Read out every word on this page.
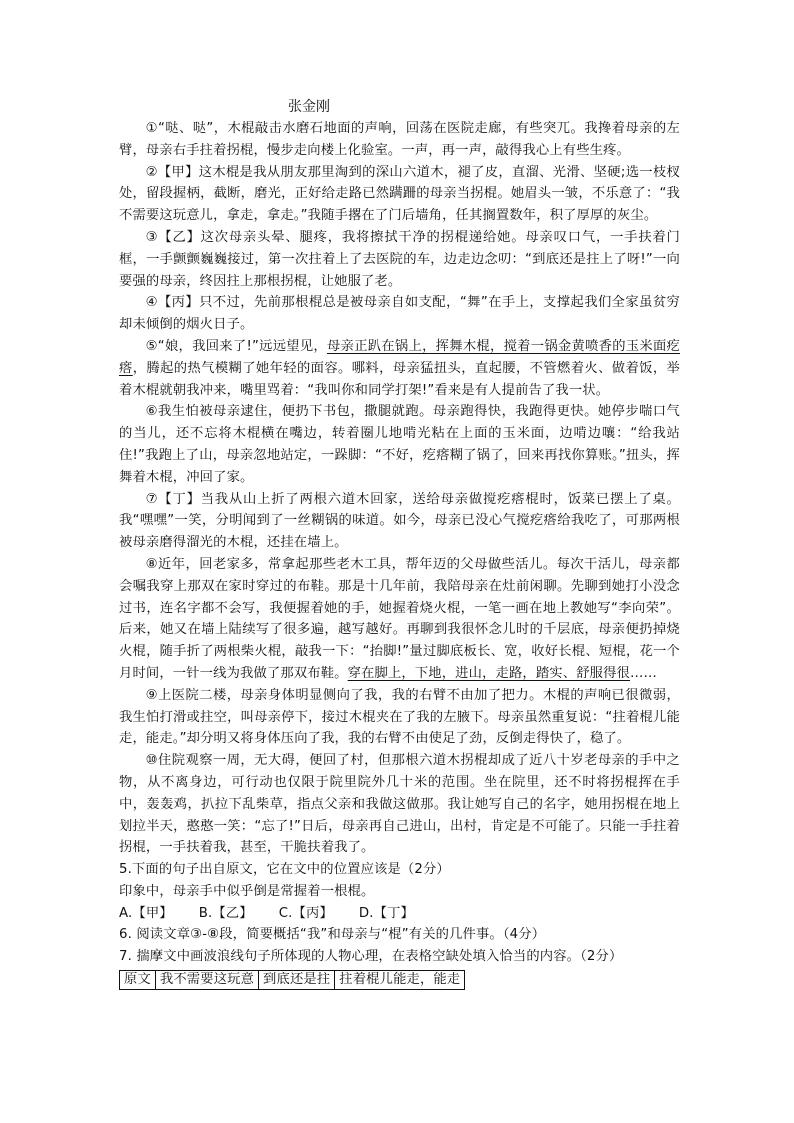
张金刚

①“哒、哒”，木棍敲击水磨石地面的声响，回荡在医院走廊，有些突兀。我搀着母亲的左臂，母亲右手拄着拐棍，慢步走向楼上化验室。一声，再一声，敲得我心上有些生疼。

②【甲】这木棍是我从朋友那里淘到的深山六道木，褪了皮，直溜、光滑、坚硬;选一枝杈处，留段握柄，截断，磨光，正好给走路已然蹒跚的母亲当拐棍。她眉头一皱，不乐意了：“我不需要这玩意儿，拿走，拿走。”我随手撂在了门后墙角，任其搁置数年，积了厚厚的灰尘。

③【乙】这次母亲头晕、腿疼，我将擦拭干净的拐棍递给她。母亲叹口气，一手扶着门框，一手颤颤巍巍接过，第一次拄着上了去医院的车，边走边念叨：“到底还是拄上了呀!”一向要强的母亲，终因拄上那根拐棍，让她服了老。

④【丙】只不过，先前那根棍总是被母亲自如支配，“舞”在手上，支撑起我们全家虽贫穷却未倾倒的烟火日子。

⑤“娘，我回来了!”远远望见，母亲正趴在锅上，挥舞木棍，搅着一锅金黄喷香的玉米面疙瘩，腾起的热气模糊了她年轻的面容。哪料，母亲猛扭头，直起腰，不管燃着火、做着饭，举着木棍就朝我冲来，嘴里骂着：“我叫你和同学打架!”看来是有人提前告了我一状。

⑥我生怕被母亲逮住，便扔下书包，撒腿就跑。母亲跑得快，我跑得更快。她停步喘口气的当儿，还不忘将木棍横在嘴边，转着圈儿地啃光粘在上面的玉米面，边啃边嚷：“给我站住!”我跑上了山，母亲忽地站定，一跺脚：“不好，疙瘩糊了锅了，回来再找你算账。”扭头，挥舞着木棍，冲回了家。

⑦【丁】当我从山上折了两根六道木回家，送给母亲做搅疙瘩棍时，饭菜已摆上了桌。我“嘿嘿”一笑，分明闻到了一丝糊锅的味道。如今，母亲已没心气搅疙瘩给我吃了，可那两根被母亲磨得溜光的木棍，还挂在墙上。

⑧近年，回老家多，常拿起那些老木工具，帮年迈的父母做些活儿。每次干活儿，母亲都会嘱我穿上那双在家时穿过的布鞋。那是十几年前，我陪母亲在灶前闲聊。先聊到她打小没念过书，连名字都不会写，我便握着她的手，她握着烧火棍，一笔一画在地上教她写“李向荣”。后来，她又在墙上陆续写了很多遍，越写越好。再聊到我很怀念儿时的千层底，母亲便扔掉烧火棍，随手折了两根柴火棍，敲我一下：“抬脚!”量过脚底板长、宽，收好长棍、短棍，花一个月时间，一针一线为我做了那双布鞋。穿在脚上，下地，进山，走路，踏实、舒服得很……

⑨上医院二楼，母亲身体明显侧向了我，我的右臂不由加了把力。木棍的声响已很微弱，我生怕打滑或拄空，叫母亲停下，接过木棍夹在了我的左腋下。母亲虽然重复说：“拄着棍儿能走，能走。”却分明又将身体压向了我，我的右臂不由使足了劲，反倒走得快了，稳了。

⑩住院观察一周，无大碍，便回了村，但那根六道木拐棍却成了近八十岁老母亲的手中之物，从不离身边，可行动也仅限于院里院外几十米的范围。坐在院里，还不时将拐棍挥在手中，轰轰鸡，扒拉下乱柴草，指点父亲和我做这做那。我让她写自己的名字，她用拐棍在地上划拉半天，憨憨一笑：“忘了!”日后，母亲再自己进山，出村，肯定是不可能了。只能一手拄着拐棍，一手扶着我，甚至，干脆扶着我了。

5.下面的句子出自原文，它在文中的位置应该是（2分）

印象中，母亲手中似乎倒是常握着一根棍。

A.【甲】 B.【乙】 C.【丙】 D.【丁】

6. 阅读文章③-⑧段，简要概括“我”和母亲与“棍”有关的几件事。（4分）

7. 揣摩文中画波浪线句子所体现的人物心理，在表格空缺处填入恰当的内容。（2分）

原文	我不需要这玩意	到底还是拄	拄着棍儿能走，能走
